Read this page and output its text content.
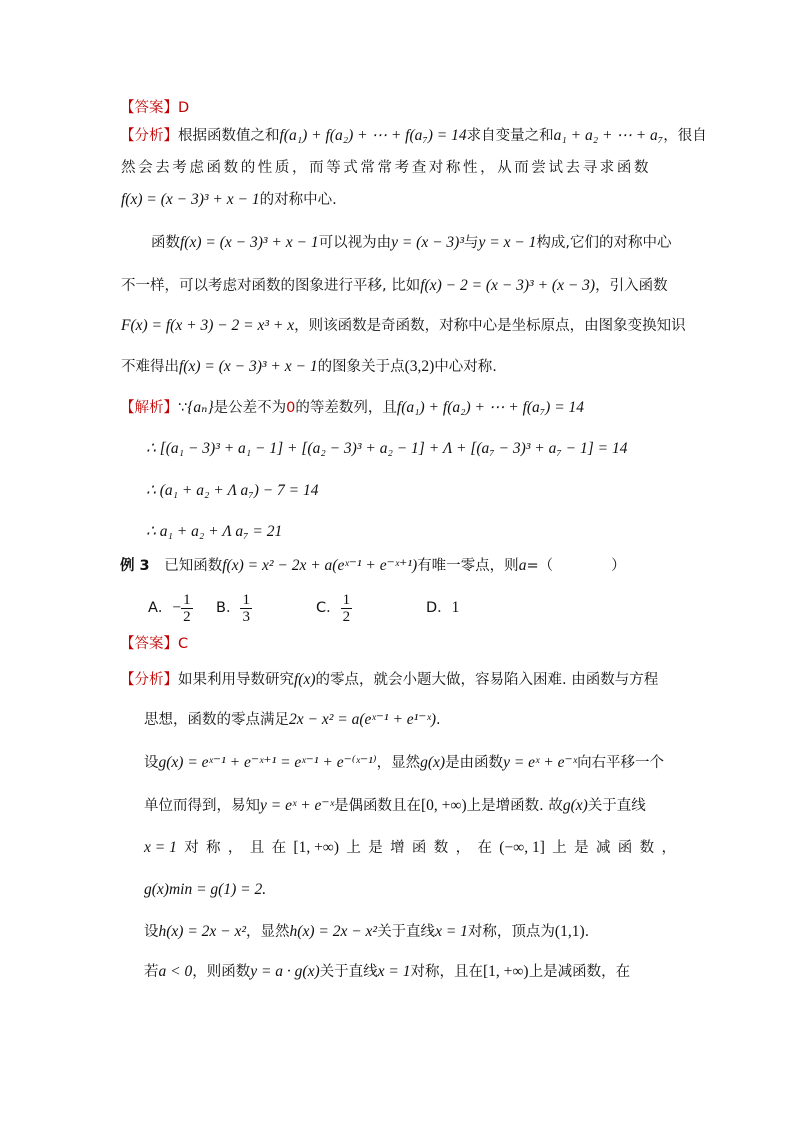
【答案】D
【分析】根据函数值之和f(a₁) + f(a₂) + ⋯ + f(a₇) = 14求自变量之和a₁ + a₂ + ⋯ + a₇，很自
然会去考虑函数的性质，而等式常常考查对称性，从而尝试去寻求函数
f(x) = (x − 3)³ + x − 1的对称中心.
函数f(x) = (x − 3)³ + x − 1可以视为由y = (x − 3)³与y = x − 1构成,它们的对称中心
不一样，可以考虑对函数的图象进行平移, 比如f(x) − 2 = (x − 3)³ + (x − 3)，引入函数
F(x) = f(x + 3) − 2 = x³ + x，则该函数是奇函数，对称中心是坐标原点，由图象变换知识
不难得出f(x) = (x − 3)³ + x − 1的图象关于点(3,2)中心对称.
【解析】∵{aₙ}是公差不为0的等差数列，且f(a₁) + f(a₂) + ⋯ + f(a₇) = 14
∴ [(a₁ − 3)³ + a₁ − 1] + [(a₂ − 3)³ + a₂ − 1] + Λ + [(a₇ − 3)³ + a₇ − 1] = 14
∴ (a₁ + a₂ + Λ a₇) − 7 = 14
∴ a₁ + a₂ + Λ a₇ = 21
例 3 已知函数f(x) = x² − 2x + a(eˣ⁻¹ + e⁻ˣ⁺¹)有唯一零点，则a=（　　　　）
A．− $\frac{1}{2}$ B． $\frac{1}{3}$	C． $\frac{1}{2}$	D．1
【答案】C
【分析】如果利用导数研究f(x)的零点，就会小题大做，容易陷入困难. 由函数与方程
思想，函数的零点满足2x − x² = a(eˣ⁻¹ + e¹⁻ˣ).
设g(x) = eˣ⁻¹ + e⁻ˣ⁺¹ = eˣ⁻¹ + e⁻⁽ˣ⁻¹⁾，显然g(x)是由函数y = eˣ + e⁻ˣ向右平移一个
单位而得到，易知y = eˣ + e⁻ˣ是偶函数且在[0, +∞)上是增函数. 故g(x)关于直线
x = 1 对 称 ， 且 在 [1, +∞) 上 是 增 函 数 ， 在 (−∞, 1] 上 是 减 函 数 ，
g(x)min = g(1) = 2.
设h(x) = 2x − x²，显然h(x) = 2x − x²关于直线x = 1对称，顶点为(1,1).
若a < 0，则函数y = a · g(x)关于直线x = 1对称，且在[1, +∞)上是减函数，在
